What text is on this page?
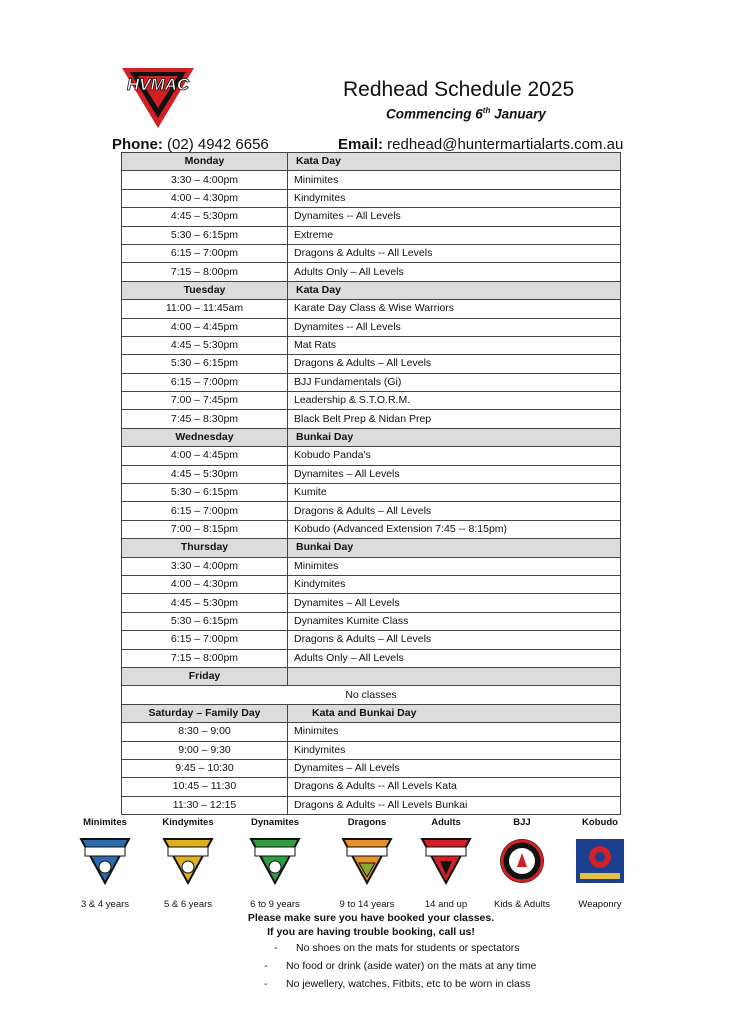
HVMAC	Redhead Schedule 2025
Commencing 6th January
Phone: (02) 4942 6656	Email: redhead@huntermartialarts.com.au
Monday	Kata Day
3:30 – 4:00pm	Minimites
4:00 – 4:30pm	Kindymites
4:45 – 5:30pm	Dynamites -- All Levels
5:30 – 6:15pm	Extreme
6:15 – 7:00pm	Dragons & Adults -- All Levels
7:15 – 8:00pm	Adults Only – All Levels
Tuesday	Kata Day
11:00 – 11:45am	Karate Day Class & Wise Warriors
4:00 – 4:45pm	Dynamites -- All Levels
4:45 – 5:30pm	Mat Rats
5:30 – 6:15pm	Dragons & Adults – All Levels
6:15 – 7:00pm	BJJ Fundamentals (Gi)
7:00 – 7:45pm	Leadership & S.T.O.R.M.
7:45 – 8:30pm	Black Belt Prep & Nidan Prep
Wednesday	Bunkai Day
4:00 – 4:45pm	Kobudo Panda's
4:45 – 5:30pm	Dynamites – All Levels
5:30 – 6:15pm	Kumite
6:15 – 7:00pm	Dragons & Adults – All Levels
7:00 – 8:15pm	Kobudo (Advanced Extension 7:45 -- 8:15pm)
Thursday	Bunkai Day
3:30 – 4:00pm	Minimites
4:00 – 4:30pm	Kindymites
4:45 – 5:30pm	Dynamites – All Levels
5:30 – 6:15pm	Dynamites Kumite Class
6:15 – 7:00pm	Dragons & Adults – All Levels
7:15 – 8:00pm	Adults Only – All Levels
Friday	
No classes	
Saturday – Family Day	Kata and Bunkai Day
8:30 – 9:00	Minimites
9:00 – 9:30	Kindymites
9:45 – 10:30	Dynamites – All Levels
10:45 – 11:30	Dragons & Adults -- All Levels Kata
11:30 – 12:15	Dragons & Adults -- All Levels Bunkai
Minimites
3 & 4 years
Kindymites
5 & 6 years
Dynamites
6 to 9 years
Dragons
9 to 14 years
Adults
14 and up
BJJ
Kids & Adults
Kobudo
Weaponry
Please make sure you have booked your classes.
If you are having trouble booking, call us!
- No shoes on the mats for students or spectators
- No food or drink (aside water) on the mats at any time
- No jewellery, watches, Fitbits, etc to be worn in class
